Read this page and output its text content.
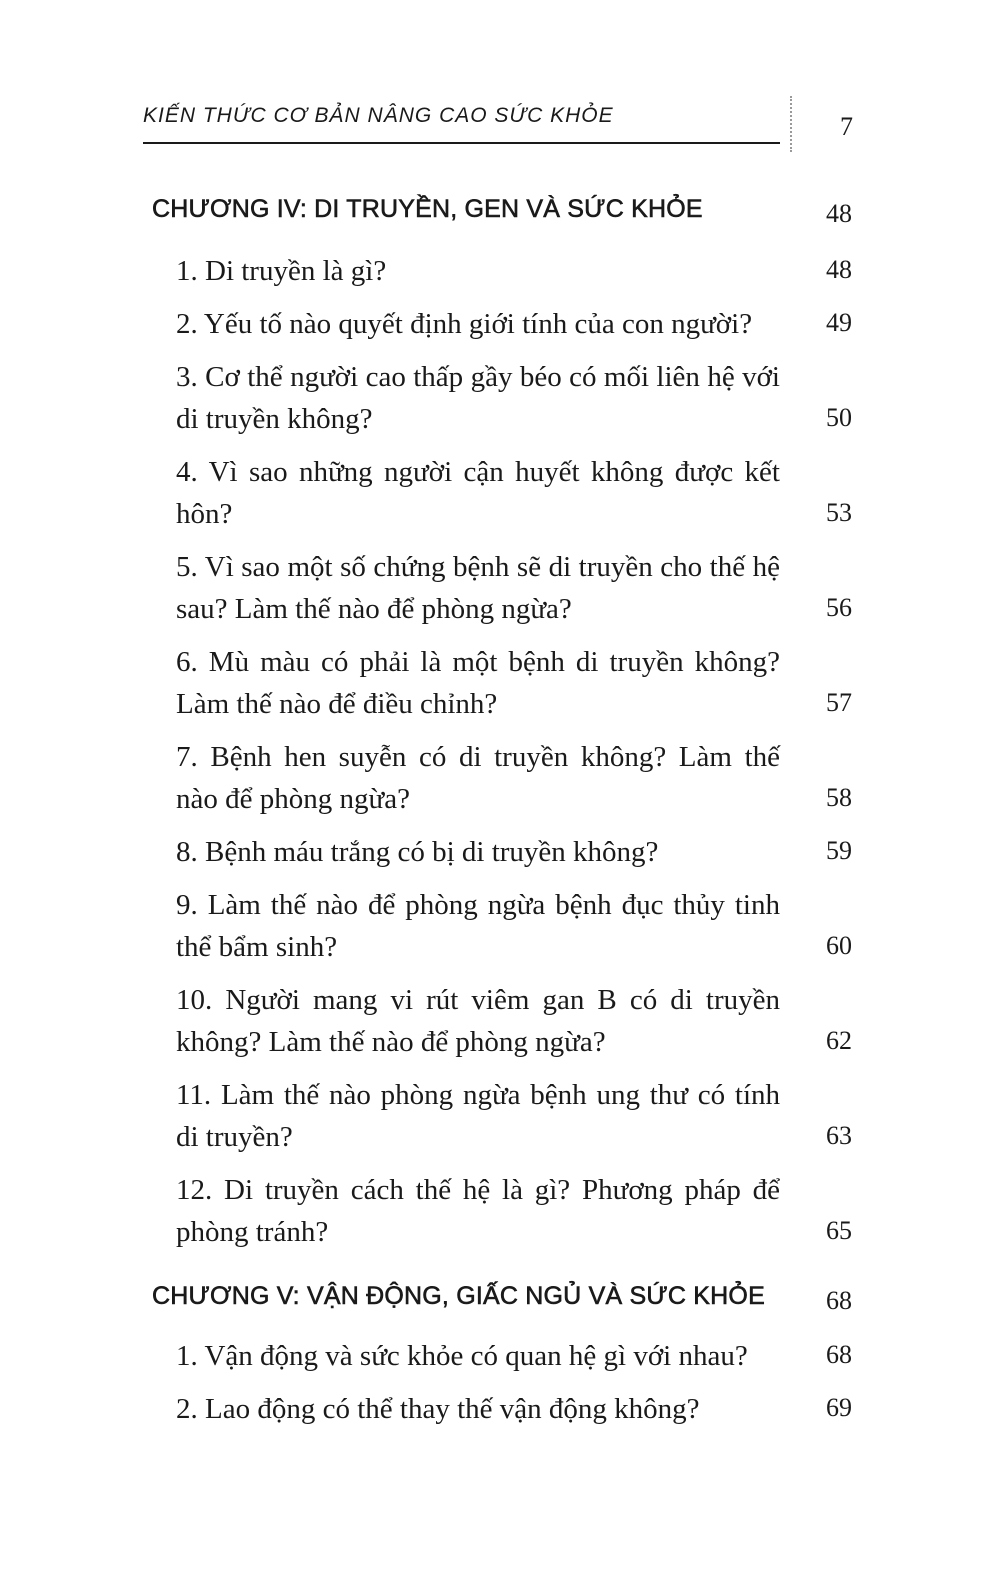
KIẾN THỨC CƠ BẢN NÂNG CAO SỨC KHỎE	7
CHƯƠNG IV: DI TRUYỀN, GEN VÀ SỨC KHỎE	48
1. Di truyền là gì?	48
2. Yếu tố nào quyết định giới tính của con người?	49
3. Cơ thể người cao thấp gầy béo có mối liên hệ với di truyền không?	50
4. Vì sao những người cận huyết không được kết hôn?	53
5. Vì sao một số chứng bệnh sẽ di truyền cho thế hệ sau? Làm thế nào để phòng ngừa?	56
6. Mù màu có phải là một bệnh di truyền không? Làm thế nào để điều chỉnh?	57
7. Bệnh hen suyễn có di truyền không? Làm thế nào để phòng ngừa?	58
8. Bệnh máu trắng có bị di truyền không?	59
9. Làm thế nào để phòng ngừa bệnh đục thủy tinh thể bẩm sinh?	60
10. Người mang vi rút viêm gan B có di truyền không? Làm thế nào để phòng ngừa?	62
11. Làm thế nào phòng ngừa bệnh ung thư có tính di truyền?	63
12. Di truyền cách thế hệ là gì? Phương pháp để phòng tránh?	65
CHƯƠNG V: VẬN ĐỘNG, GIẤC NGỦ VÀ SỨC KHỎE 68
1. Vận động và sức khỏe có quan hệ gì với nhau?	68
2. Lao động có thể thay thế vận động không?	69
